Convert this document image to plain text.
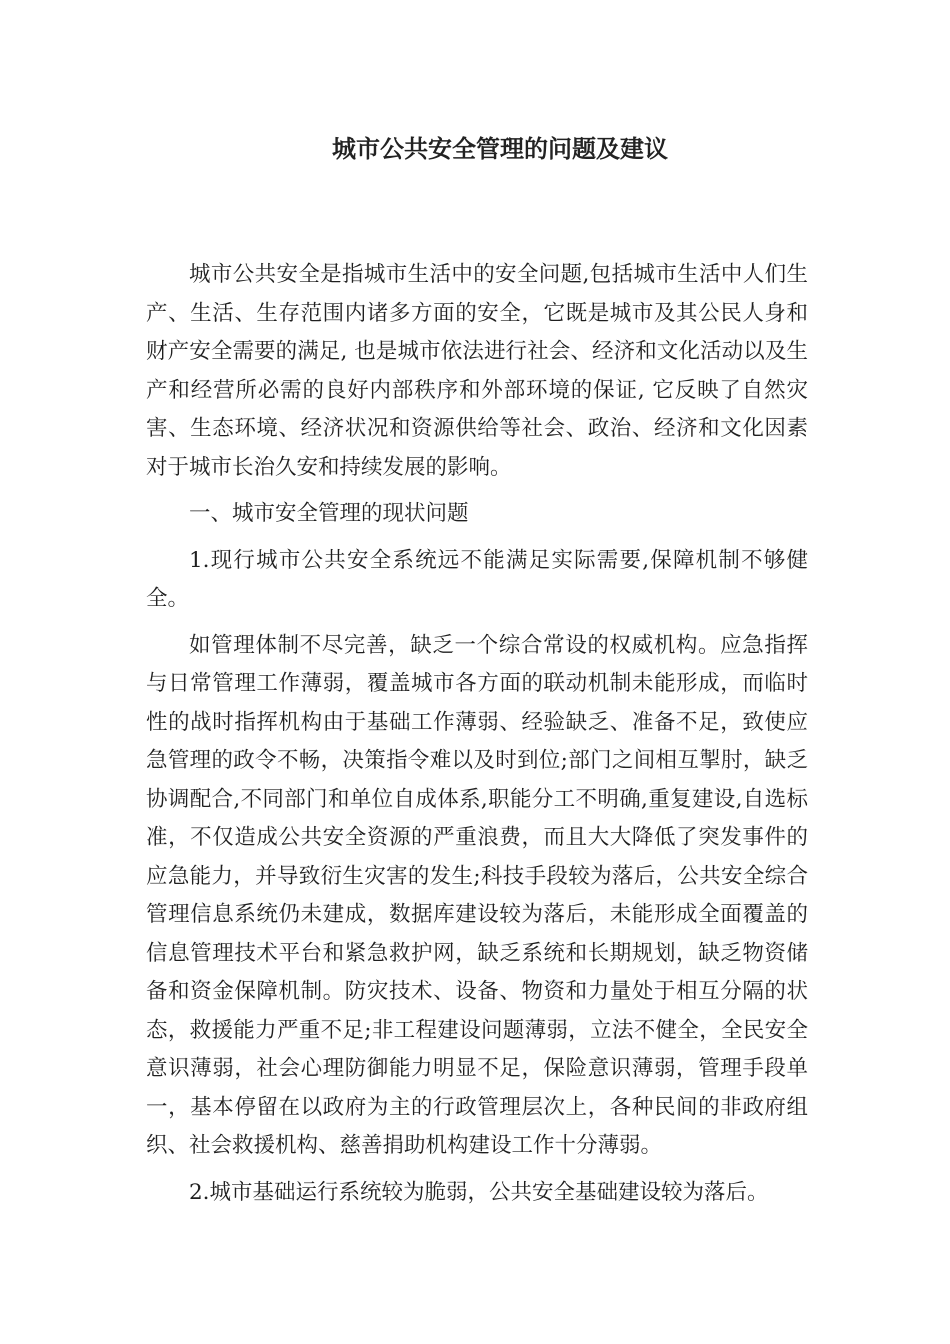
城市公共安全管理的问题及建议

城市公共安全是指城市生活中的安全问题,包括城市生活中人们生产、生活、生存范围内诸多方面的安全，它既是城市及其公民人身和财产安全需要的满足, 也是城市依法进行社会、经济和文化活动以及生产和经营所必需的良好内部秩序和外部环境的保证, 它反映了自然灾害、生态环境、经济状况和资源供给等社会、政治、经济和文化因素对于城市长治久安和持续发展的影响。

一、城市安全管理的现状问题

1.现行城市公共安全系统远不能满足实际需要,保障机制不够健全。

如管理体制不尽完善，缺乏一个综合常设的权威机构。应急指挥与日常管理工作薄弱，覆盖城市各方面的联动机制未能形成，而临时性的战时指挥机构由于基础工作薄弱、经验缺乏、准备不足，致使应急管理的政令不畅，决策指令难以及时到位;部门之间相互掣肘，缺乏协调配合,不同部门和单位自成体系,职能分工不明确,重复建设,自选标准，不仅造成公共安全资源的严重浪费，而且大大降低了突发事件的应急能力，并导致衍生灾害的发生;科技手段较为落后，公共安全综合管理信息系统仍未建成，数据库建设较为落后，未能形成全面覆盖的信息管理技术平台和紧急救护网，缺乏系统和长期规划，缺乏物资储备和资金保障机制。防灾技术、设备、物资和力量处于相互分隔的状态，救援能力严重不足;非工程建设问题薄弱，立法不健全，全民安全意识薄弱，社会心理防御能力明显不足，保险意识薄弱，管理手段单一，基本停留在以政府为主的行政管理层次上，各种民间的非政府组织、社会救援机构、慈善捐助机构建设工作十分薄弱。

2.城市基础运行系统较为脆弱，公共安全基础建设较为落后。
